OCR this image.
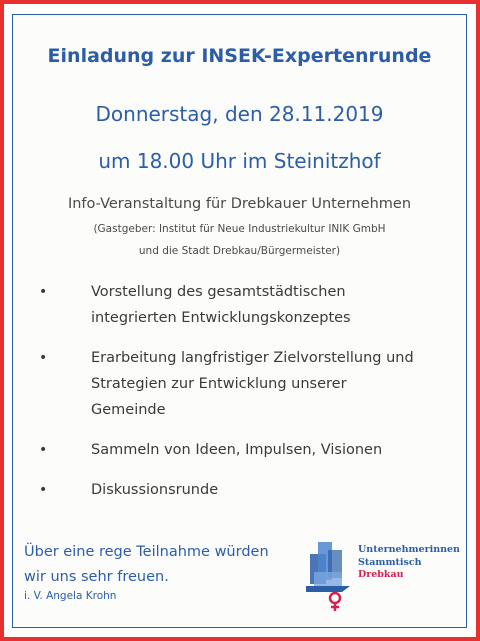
Einladung zur INSEK-Expertenrunde
Donnerstag, den 28.11.2019
um 18.00 Uhr im Steinitzhof
Info-Veranstaltung für Drebkauer Unternehmen
(Gastgeber: Institut für Neue Industriekultur INIK GmbH
und die Stadt Drebkau/Bürgermeister)
•	Vorstellung des gesamtstädtischen
integrierten Entwicklungskonzeptes
•	Erarbeitung langfristiger Zielvorstellung und
Strategien zur Entwicklung unserer
Gemeinde
•	Sammeln von Ideen, Impulsen, Visionen
•	Diskussionsrunde
Über eine rege Teilnahme würden
wir uns sehr freuen.
i. V. Angela Krohn
Unternehmerinnen
Stammtisch
Drebkau
